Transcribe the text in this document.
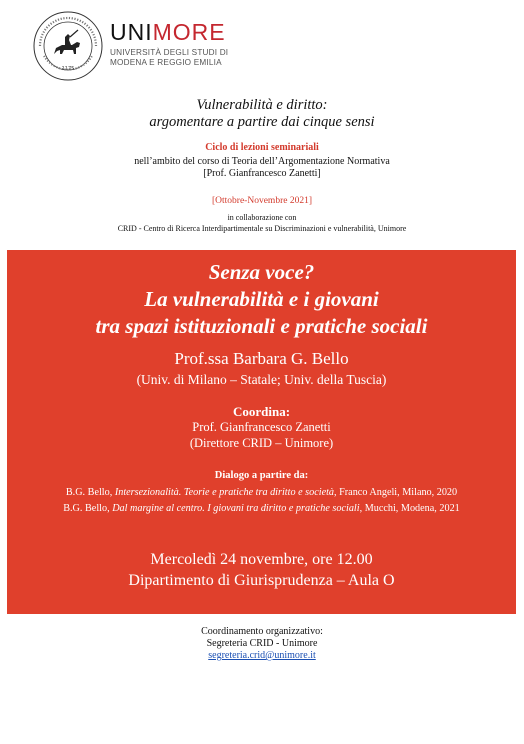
1175
UNIMORE
UNIVERSITÀ DEGLI STUDI DI
MODENA E REGGIO EMILIA
Vulnerabilità e diritto:
argomentare a partire dai cinque sensi
Ciclo di lezioni seminariali
nell’ambito del corso di Teoria dell’Argomentazione Normativa
[Prof. Gianfrancesco Zanetti]
[Ottobre-Novembre 2021]
in collaborazione con
CRID - Centro di Ricerca Interdipartimentale su Discriminazioni e vulnerabilità, Unimore
Senza voce?
La vulnerabilità e i giovani
tra spazi istituzionali e pratiche sociali
Prof.ssa Barbara G. Bello
(Univ. di Milano – Statale; Univ. della Tuscia)
Coordina:
Prof. Gianfrancesco Zanetti
(Direttore CRID – Unimore)
Dialogo a partire da:
B.G. Bello, Intersezionalità. Teorie e pratiche tra diritto e società, Franco Angeli, Milano, 2020
B.G. Bello, Dal margine al centro. I giovani tra diritto e pratiche sociali, Mucchi, Modena, 2021
Mercoledì 24 novembre, ore 12.00
Dipartimento di Giurisprudenza – Aula O
Coordinamento organizzativo:
Segreteria CRID - Unimore
segreteria.crid@unimore.it
